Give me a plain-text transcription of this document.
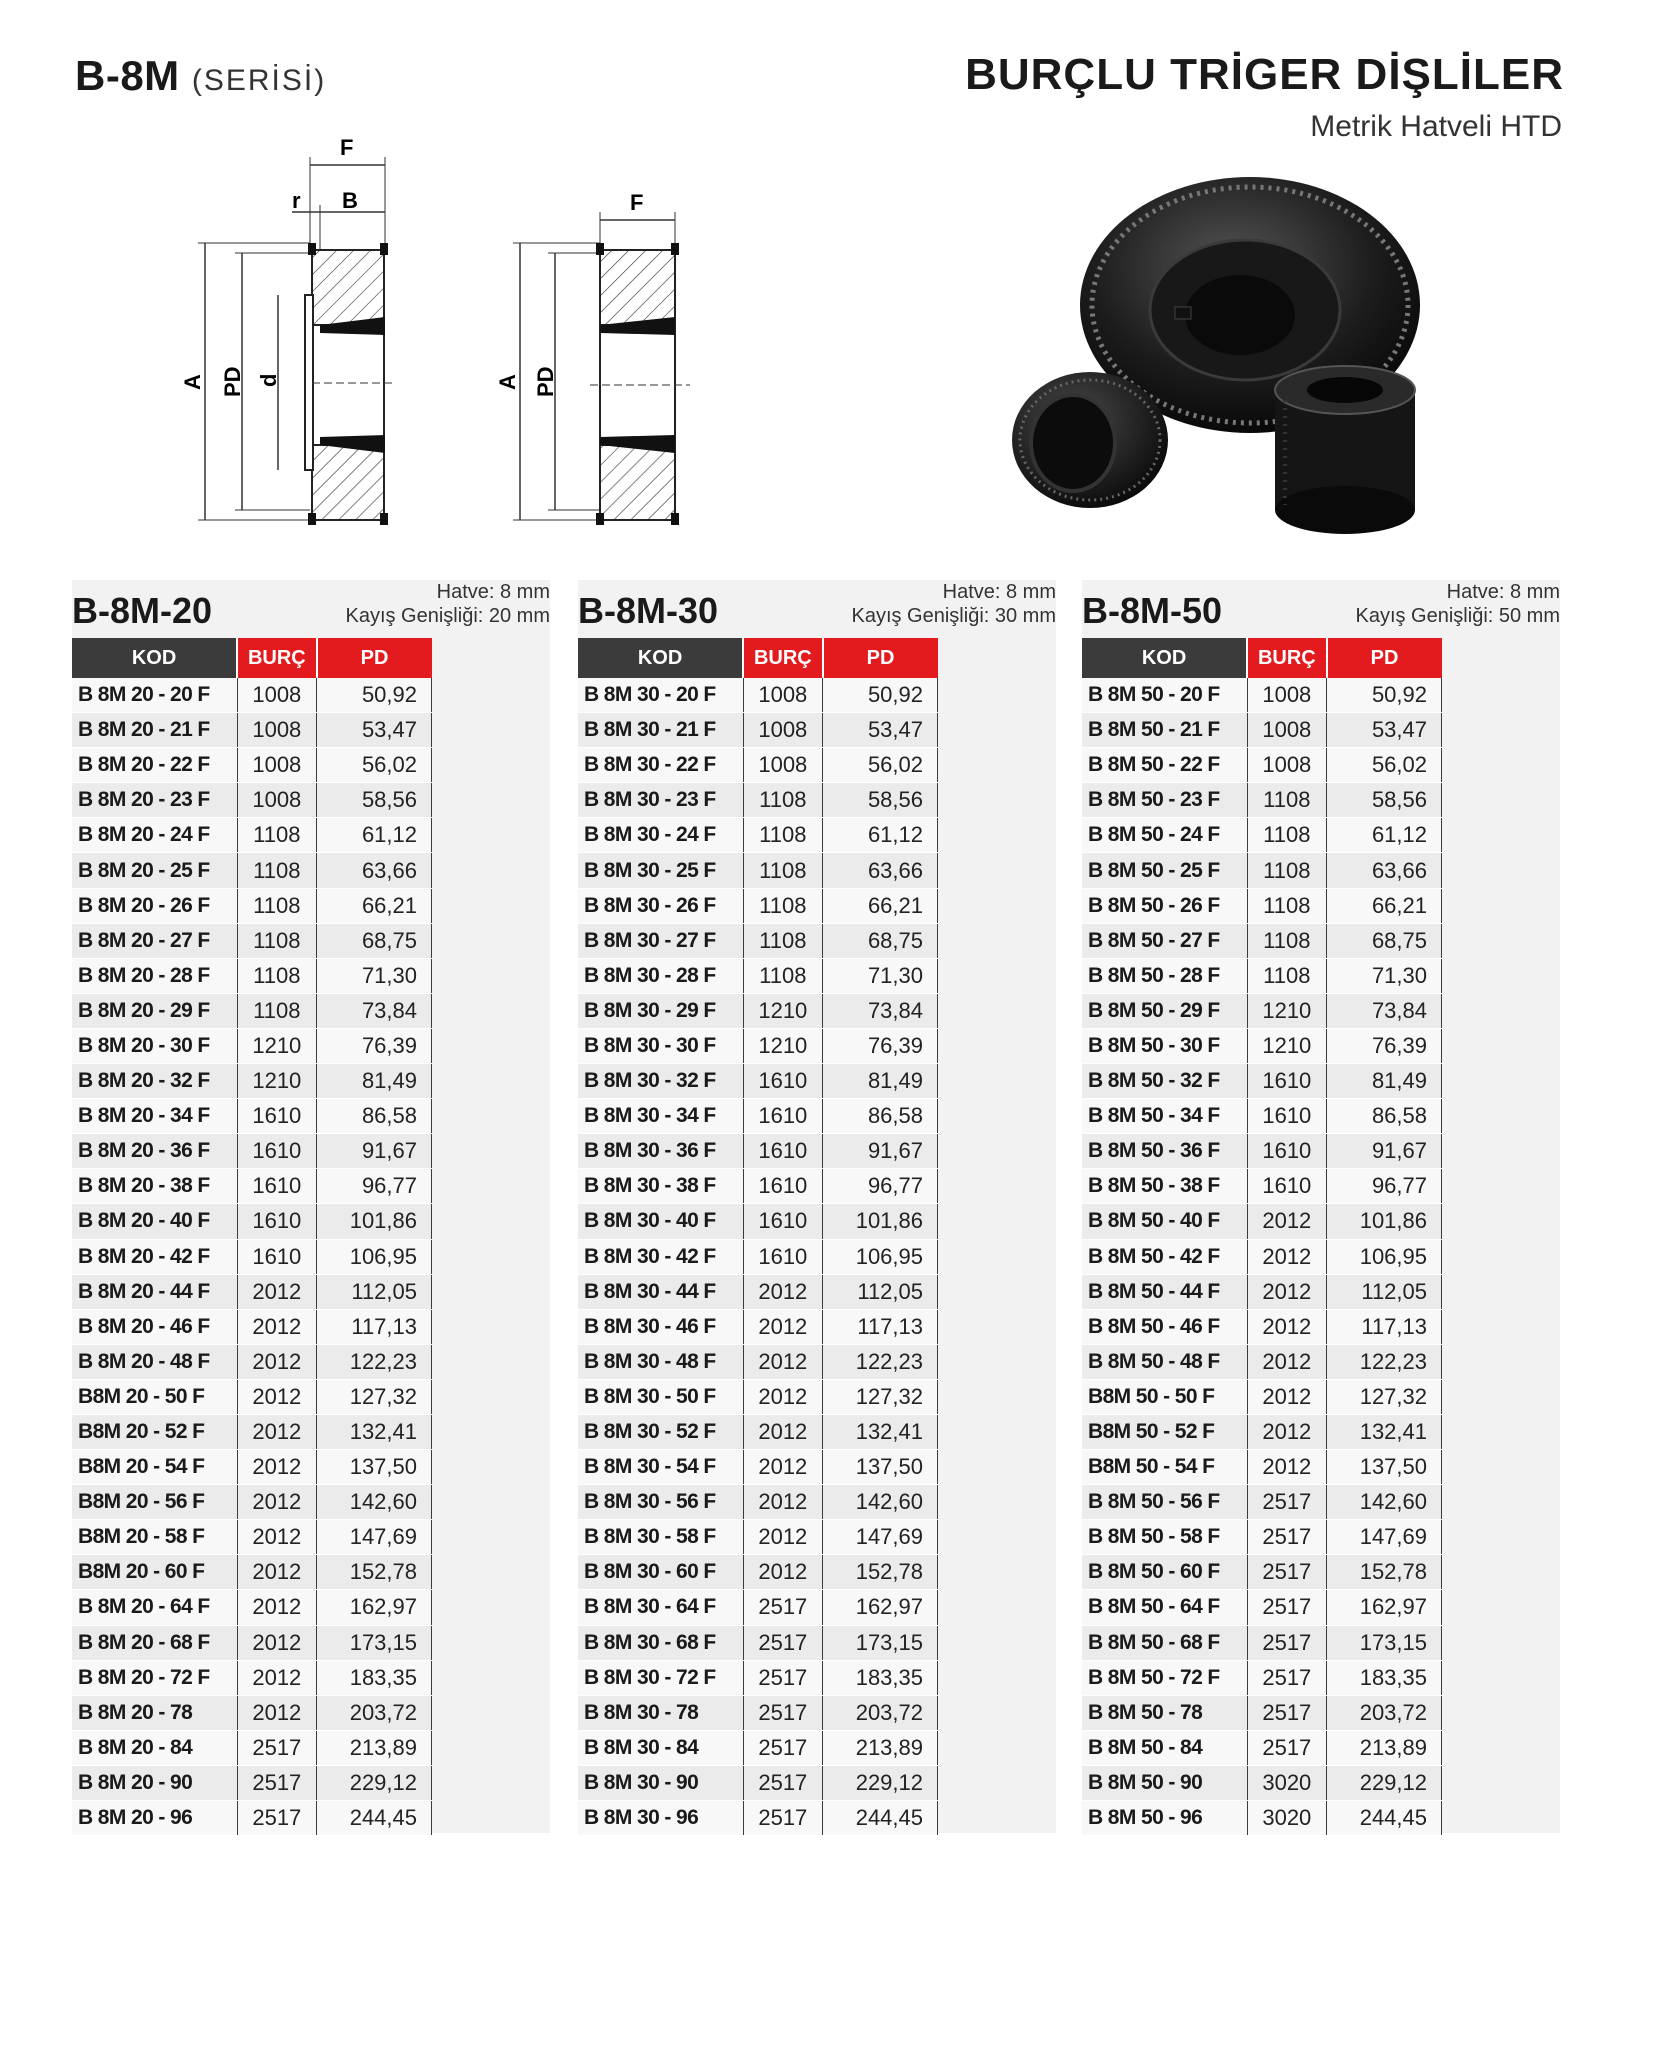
B-8M (SERİSİ)	BURÇLU TRİGER DİŞLİLER
Metrik Hatveli HTD
F
r B
A PD d
F
A PD
B-8M-20	Hatve: 8 mm
Kayış Genişliği: 20 mm
KOD	BURÇ	PD
B 8M 20 - 20 F	1008	50,92
B 8M 20 - 21 F	1008	53,47
B 8M 20 - 22 F	1008	56,02
B 8M 20 - 23 F	1008	58,56
B 8M 20 - 24 F	1108	61,12
B 8M 20 - 25 F	1108	63,66
B 8M 20 - 26 F	1108	66,21
B 8M 20 - 27 F	1108	68,75
B 8M 20 - 28 F	1108	71,30
B 8M 20 - 29 F	1108	73,84
B 8M 20 - 30 F	1210	76,39
B 8M 20 - 32 F	1210	81,49
B 8M 20 - 34 F	1610	86,58
B 8M 20 - 36 F	1610	91,67
B 8M 20 - 38 F	1610	96,77
B 8M 20 - 40 F	1610	101,86
B 8M 20 - 42 F	1610	106,95
B 8M 20 - 44 F	2012	112,05
B 8M 20 - 46 F	2012	117,13
B 8M 20 - 48 F	2012	122,23
B8M 20 - 50 F	2012	127,32
B8M 20 - 52 F	2012	132,41
B8M 20 - 54 F	2012	137,50
B8M 20 - 56 F	2012	142,60
B8M 20 - 58 F	2012	147,69
B8M 20 - 60 F	2012	152,78
B 8M 20 - 64 F	2012	162,97
B 8M 20 - 68 F	2012	173,15
B 8M 20 - 72 F	2012	183,35
B 8M 20 - 78	2012	203,72
B 8M 20 - 84	2517	213,89
B 8M 20 - 90	2517	229,12
B 8M 20 - 96	2517	244,45
B-8M-30	Hatve: 8 mm
Kayış Genişliği: 30 mm
KOD	BURÇ	PD
B 8M 30 - 20 F	1008	50,92
B 8M 30 - 21 F	1008	53,47
B 8M 30 - 22 F	1008	56,02
B 8M 30 - 23 F	1108	58,56
B 8M 30 - 24 F	1108	61,12
B 8M 30 - 25 F	1108	63,66
B 8M 30 - 26 F	1108	66,21
B 8M 30 - 27 F	1108	68,75
B 8M 30 - 28 F	1108	71,30
B 8M 30 - 29 F	1210	73,84
B 8M 30 - 30 F	1210	76,39
B 8M 30 - 32 F	1610	81,49
B 8M 30 - 34 F	1610	86,58
B 8M 30 - 36 F	1610	91,67
B 8M 30 - 38 F	1610	96,77
B 8M 30 - 40 F	1610	101,86
B 8M 30 - 42 F	1610	106,95
B 8M 30 - 44 F	2012	112,05
B 8M 30 - 46 F	2012	117,13
B 8M 30 - 48 F	2012	122,23
B 8M 30 - 50 F	2012	127,32
B 8M 30 - 52 F	2012	132,41
B 8M 30 - 54 F	2012	137,50
B 8M 30 - 56 F	2012	142,60
B 8M 30 - 58 F	2012	147,69
B 8M 30 - 60 F	2012	152,78
B 8M 30 - 64 F	2517	162,97
B 8M 30 - 68 F	2517	173,15
B 8M 30 - 72 F	2517	183,35
B 8M 30 - 78	2517	203,72
B 8M 30 - 84	2517	213,89
B 8M 30 - 90	2517	229,12
B 8M 30 - 96	2517	244,45
B-8M-50	Hatve: 8 mm
Kayış Genişliği: 50 mm
KOD	BURÇ	PD
B 8M 50 - 20 F	1008	50,92
B 8M 50 - 21 F	1008	53,47
B 8M 50 - 22 F	1008	56,02
B 8M 50 - 23 F	1108	58,56
B 8M 50 - 24 F	1108	61,12
B 8M 50 - 25 F	1108	63,66
B 8M 50 - 26 F	1108	66,21
B 8M 50 - 27 F	1108	68,75
B 8M 50 - 28 F	1108	71,30
B 8M 50 - 29 F	1210	73,84
B 8M 50 - 30 F	1210	76,39
B 8M 50 - 32 F	1610	81,49
B 8M 50 - 34 F	1610	86,58
B 8M 50 - 36 F	1610	91,67
B 8M 50 - 38 F	1610	96,77
B 8M 50 - 40 F	2012	101,86
B 8M 50 - 42 F	2012	106,95
B 8M 50 - 44 F	2012	112,05
B 8M 50 - 46 F	2012	117,13
B 8M 50 - 48 F	2012	122,23
B8M 50 - 50 F	2012	127,32
B8M 50 - 52 F	2012	132,41
B8M 50 - 54 F	2012	137,50
B 8M 50 - 56 F	2517	142,60
B 8M 50 - 58 F	2517	147,69
B 8M 50 - 60 F	2517	152,78
B 8M 50 - 64 F	2517	162,97
B 8M 50 - 68 F	2517	173,15
B 8M 50 - 72 F	2517	183,35
B 8M 50 - 78	2517	203,72
B 8M 50 - 84	2517	213,89
B 8M 50 - 90	3020	229,12
B 8M 50 - 96	3020	244,45
